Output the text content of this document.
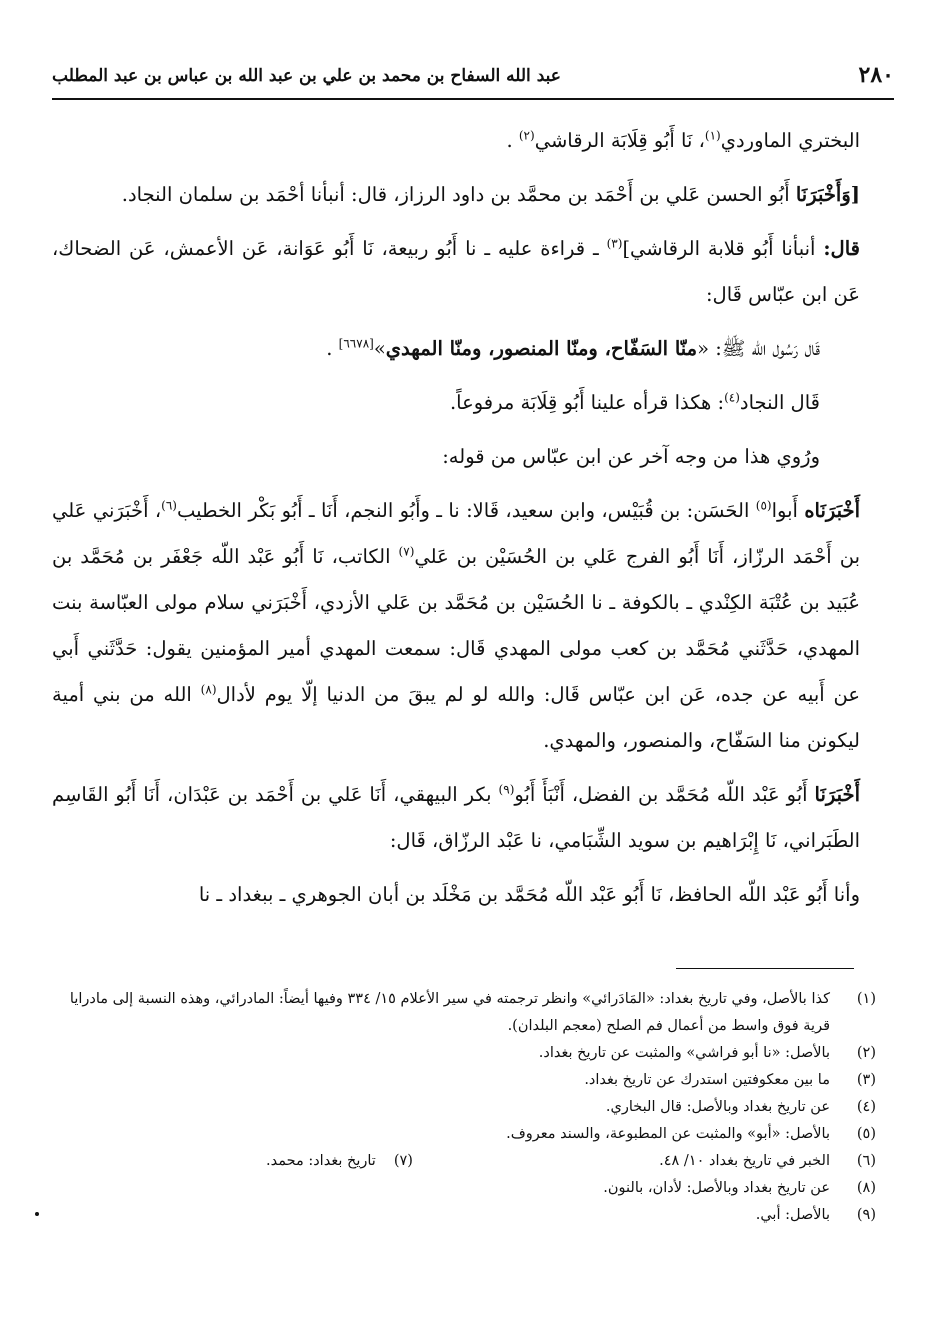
٢٨٠
عبد الله السفاح بن محمد بن علي بن عبد الله بن عباس بن عبد المطلب

البختري الماوردي$^{(١)}$، نَا أَبُو قِلَابَة الرقاشي$^{(٢)}$ .

[وَأَخْبَرَنَا أَبُو الحسن عَلي بن أَحْمَد بن محمَّد بن داود الرزاز، قال: أنبأنا أحْمَد بن سلمان النجاد.

قال: أنبأنا أَبُو قلابة الرقاشي]$^{(٣)}$ ـ قراءة عليه ـ نا أَبُو ربيعة، نَا أَبُو عَوَانة، عَن الأعمش، عَن الضحاك، عَن ابن عبّاس قَال:

قَال رَسُول الله ﷺ: «منّا السَفّاح، ومنّا المنصور، ومنّا المهدي»[٦٦٧٨] .

قَال النجاد$^{(٤)}$: هكذا قرأه علينا أَبُو قِلَابَة مرفوعاً.

ورُوي هذا من وجه آخر عن ابن عبّاس من قوله:

أَخْبَرَنَاه أَبوا$^{(٥)}$ الحَسَن: بن قُبَيْس، وابن سعيد، قَالا: نا ـ وأَبُو النجم، أَنَا ـ أَبُو بَكْر الخطيب$^{(٦)}$، أَخْبَرَني عَلي بن أَحْمَد الرزّاز، أَنَا أَبُو الفرج عَلي بن الحُسَيْن بن عَلي$^{(٧)}$ الكاتب، نَا أَبُو عَبْد اللّه جَعْفَر بن مُحَمَّد بن عُبَيد بن عُتْبَة الكِنْدي ـ بالكوفة ـ نا الحُسَيْن بن مُحَمَّد بن عَلي الأزدي، أَخْبَرَني سلام مولى العبّاسة بنت المهدي، حَدَّثَني مُحَمَّد بن كعب مولى المهدي قَال: سمعت المهدي أمير المؤمنين يقول: حَدَّثَني أَبي عن أَبيه عن جده، عَن ابن عبّاس قَال: والله لو لم يبقَ من الدنيا إلّا يوم لأدال$^{(٨)}$ الله من بني أمية ليكونن منا السَفّاح، والمنصور، والمهدي.

أَخْبَرَنَا أَبُو عَبْد اللّه مُحَمَّد بن الفضل، أَنْبَأَ أَبُو$^{(٩)}$ بكر البيهقي، أَنَا عَلي بن أَحْمَد بن عَبْدَان، أَنَا أَبُو القَاسِم الطَبَراني، نَا إِبْرَاهيم بن سويد الشِّبَامي، نا عَبْد الرزّاق، قَال:

وأنا أَبُو عَبْد اللّه الحافظ، نَا أَبُو عَبْد اللّه مُحَمَّد بن مَخْلَد بن أبان الجوهري ـ ببغداد ـ نا

(١)
كذا بالأصل، وفي تاريخ بغداد: «المَادَرائي» وانظر ترجمته في سير الأعلام ١٥/ ٣٣٤ وفيها أيضاً: المادرائي، وهذه النسبة إلى مادرايا قرية فوق واسط من أعمال فم الصلح (معجم البلدان).
(٢)
بالأصل: «نا أبو فراشي» والمثبت عن تاريخ بغداد.
(٣)
ما بين معكوفتين استدرك عن تاريخ بغداد.
(٤)
عن تاريخ بغداد وبالأصل: قال البخاري.
(٥)
بالأصل: «أبو» والمثبت عن المطبوعة، والسند معروف.
(٦)
الخبر في تاريخ بغداد ١٠/ ٤٨.
(٧)تاريخ بغداد: محمد.
(٨)
عن تاريخ بغداد وبالأصل: لأدان، بالنون.
(٩)
بالأصل: أبي.
